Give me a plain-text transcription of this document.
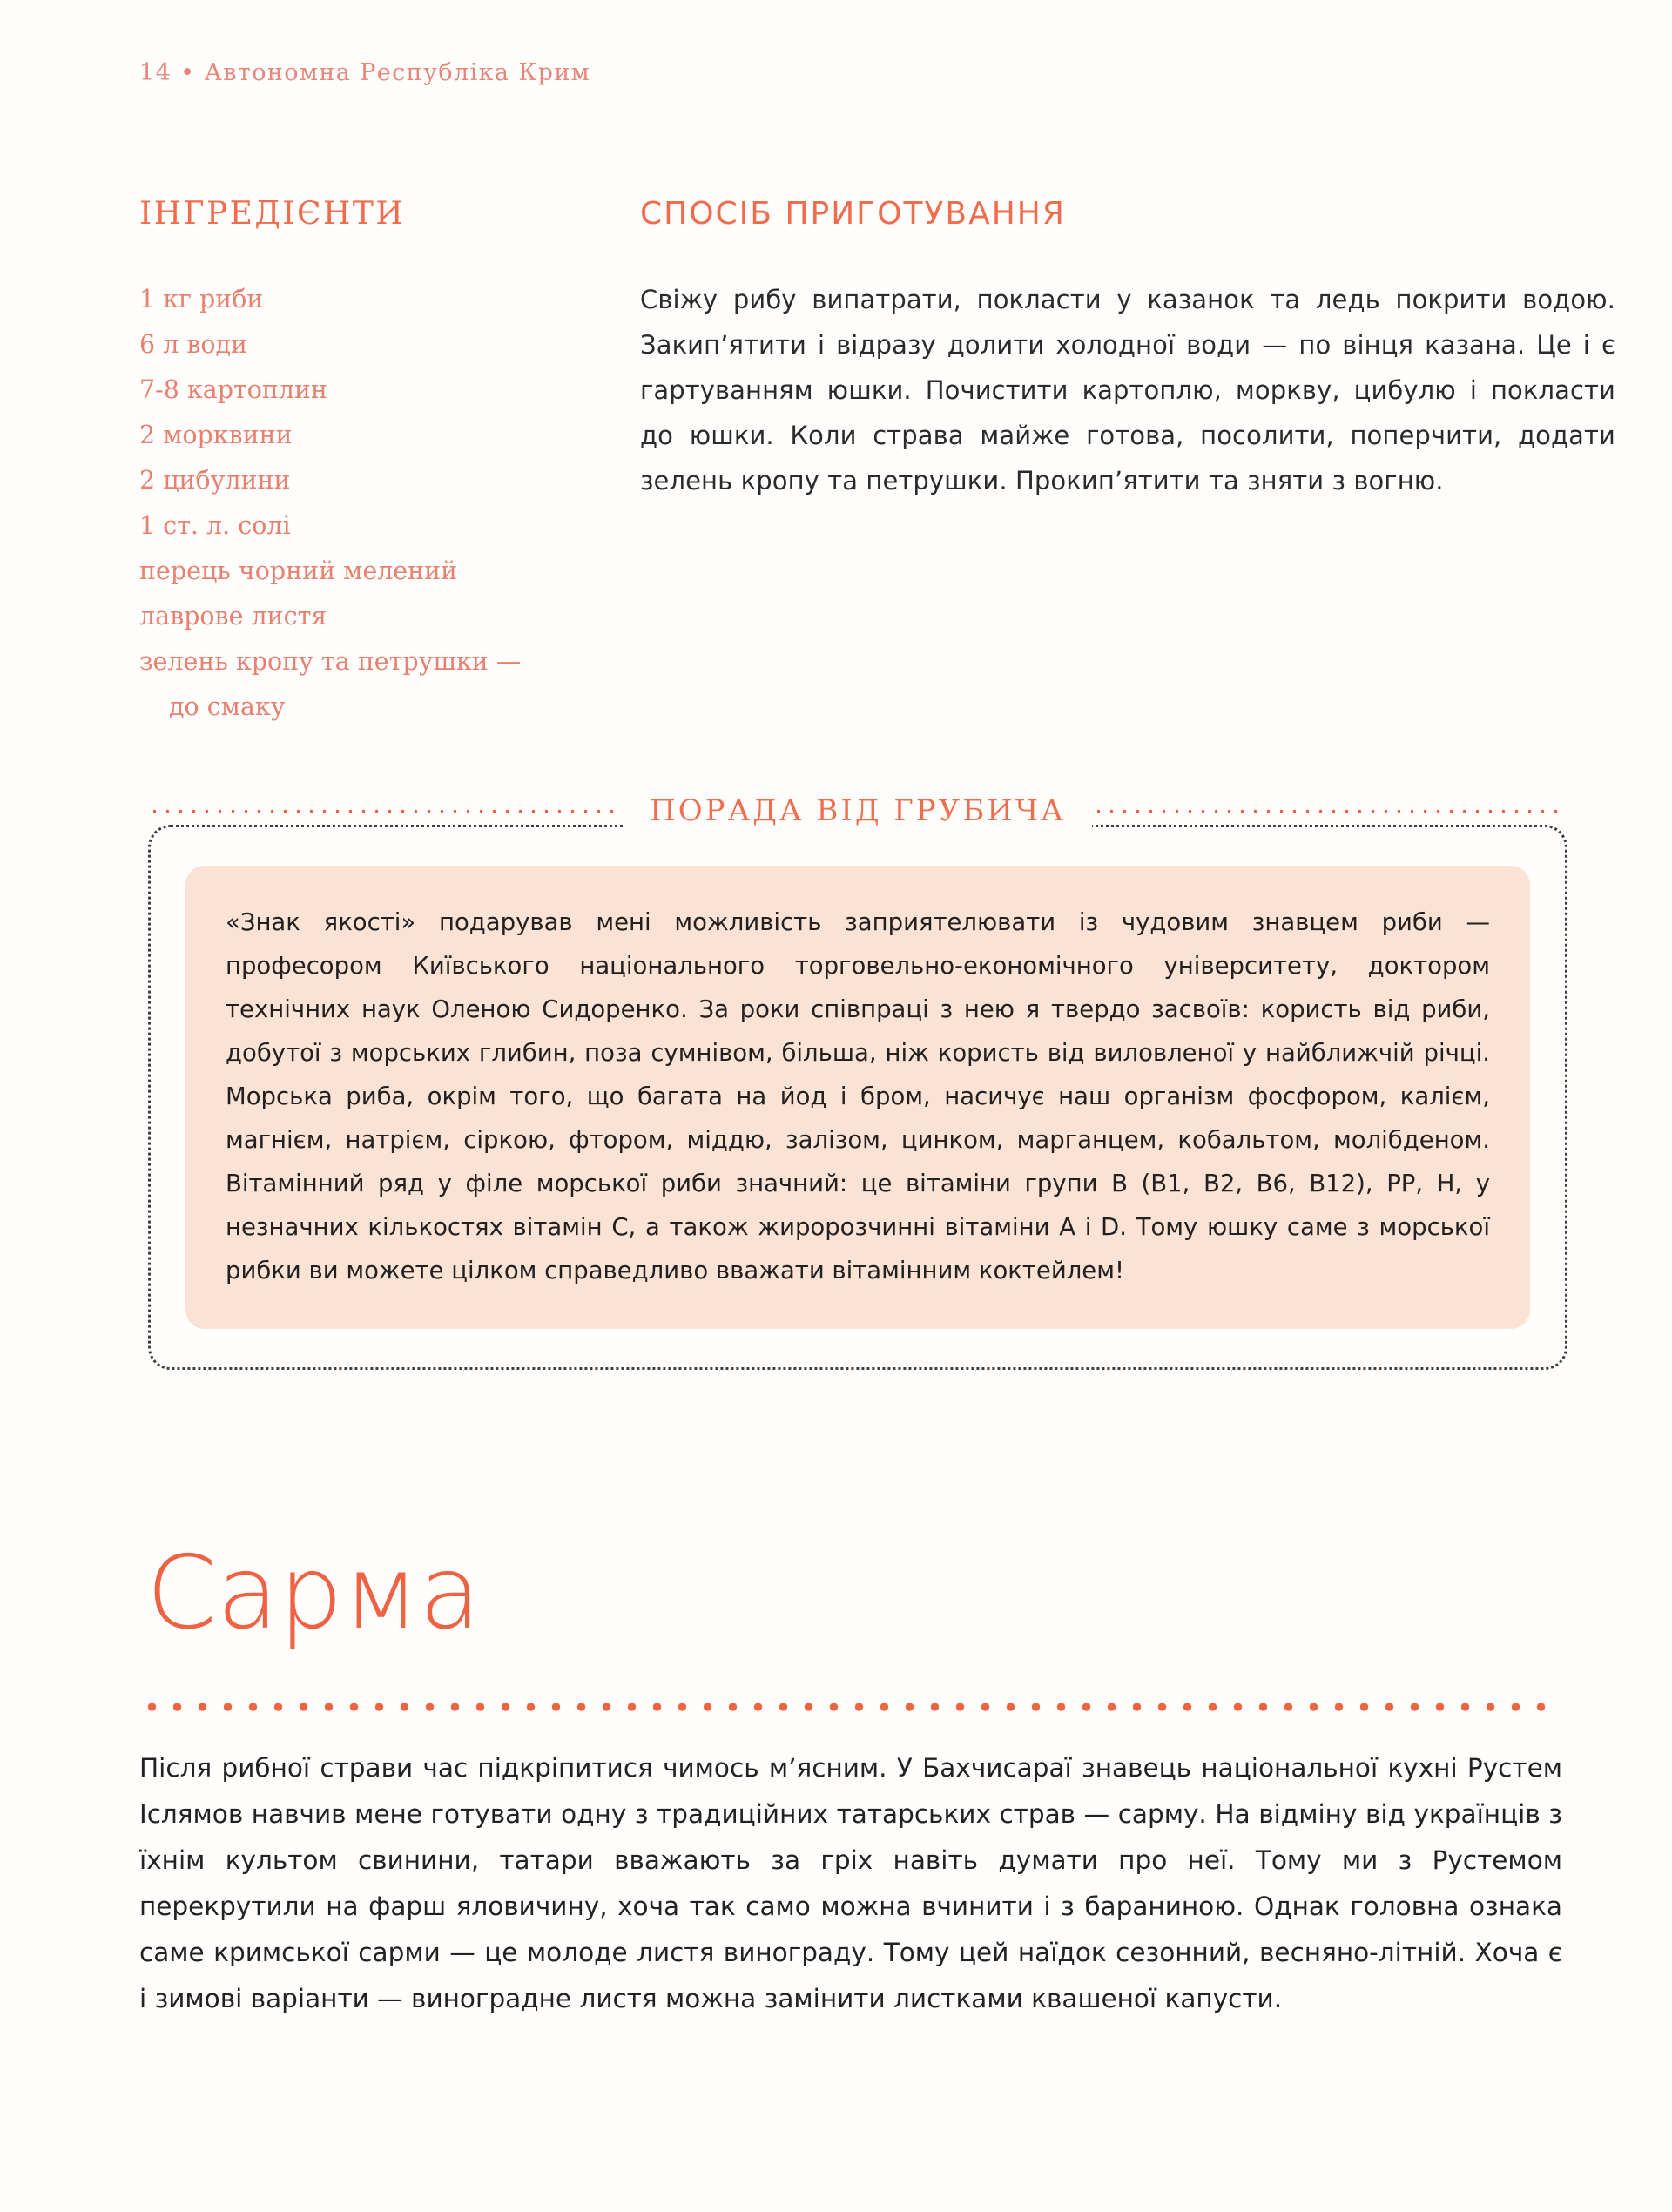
14 • Автономна Республіка Крим
ІНГРЕДІЄНТИ
1 кг риби
6 л води
7-8 картоплин
2 морквини
2 цибулини
1 ст. л. солі
перець чорний мелений
лаврове листя
зелень кропу та петрушки —
до смаку
СПОСІБ ПРИГОТУВАННЯ

Свіжу рибу випатрати, покласти у казанок та ледь покрити водою. Закип’ятити і відразу долити холодної води — по вінця казана. Це і є гартуванням юшки. Почистити картоплю, моркву, цибулю і покласти до юшки. Коли страва майже готова, посолити, поперчити, додати зелень кропу та петрушки. Прокип’ятити та зняти з вогню.

ПОРАДА ВІД ГРУБИЧА

«Знак якості» подарував мені можливість заприятелювати із чудовим знавцем риби — професором Київського національного торговельно-економічного університету, доктором технічних наук Оленою Сидоренко. За роки співпраці з нею я твердо засвоїв: користь від риби, добутої з морських глибин, поза сумнівом, більша, ніж користь від виловленої у найближчій річці. Морська риба, окрім того, що багата на йод і бром, насичує наш організм фосфором, калієм, магнієм, натрієм, сіркою, фтором, міддю, залізом, цинком, марганцем, кобальтом, молібденом. Вітамінний ряд у філе морської риби значний: це вітаміни групи В (В1, В2, В6, В12), РР, Н, у незначних кількостях вітамін С, а також жиророзчинні вітаміни А і D. Тому юшку саме з морської рибки ви можете цілком справедливо вважати вітамінним коктейлем!

Сарма

Після рибної страви час підкріпитися чимось м’ясним. У Бахчисараї знавець національної кухні Рустем Іслямов навчив мене готувати одну з традиційних татарських страв — сарму. На відміну від українців з їхнім культом свинини, татари вважають за гріх навіть думати про неї. Тому ми з Рустемом перекрутили на фарш яловичину, хоча так само можна вчинити і з бараниною. Однак головна ознака саме кримської сарми — це молоде листя винограду. Тому цей наїдок сезонний, весняно-літній. Хоча є і зимові варіанти — виноградне листя можна замінити листками квашеної капусти.
